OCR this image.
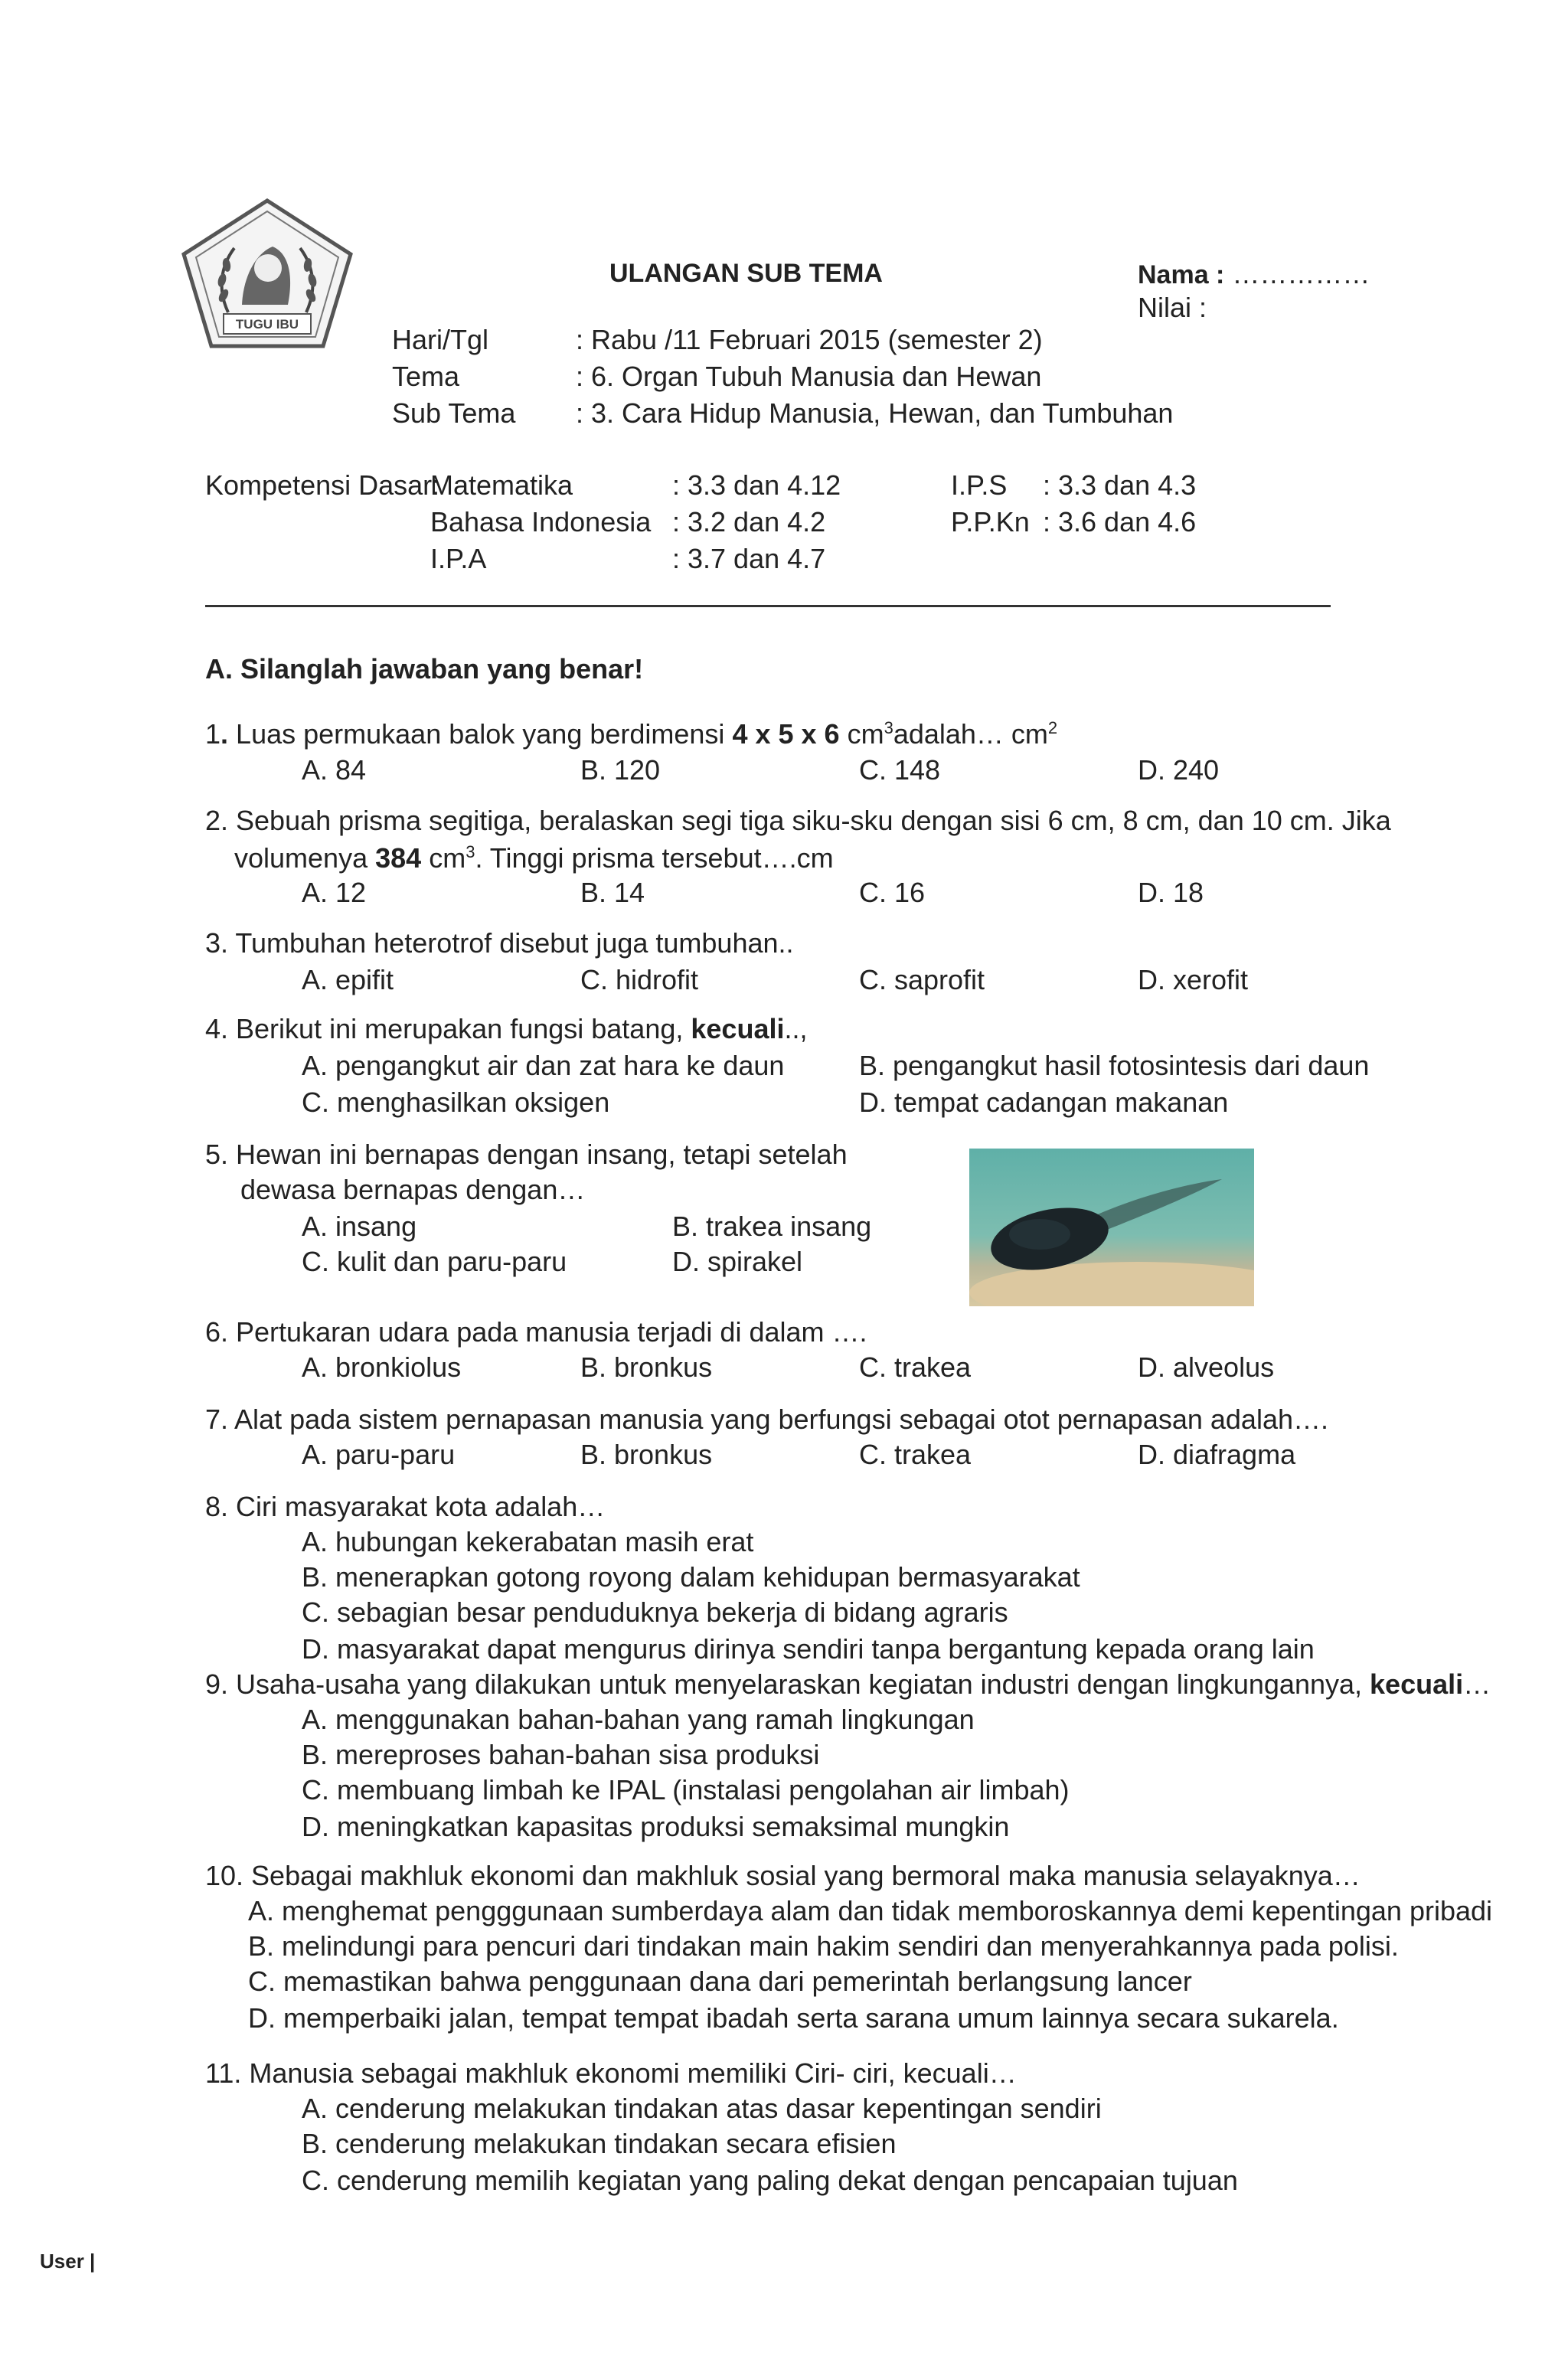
TUGU IBU
ULANGAN SUB TEMA	Nama : ……………
Nilai :
Hari/Tgl	: Rabu /11 Februari 2015 (semester 2)
Tema	: 6. Organ Tubuh Manusia dan Hewan
Sub Tema : 3. Cara Hidup Manusia, Hewan, dan Tumbuhan
Kompetensi Dasar:
Matematika	: 3.3 dan 4.12	I.P.S : 3.3 dan 4.3
Bahasa Indonesia : 3.2 dan 4.2	P.P.Kn : 3.6 dan 4.6
I.P.A	: 3.7 dan 4.7
A. Silanglah jawaban yang benar!
1. Luas permukaan balok yang berdimensi 4 x 5 x 6 $cm^3adalah\dots$ $cm^2$
A. 84	B. 120	C. 148	D. 240
2. Sebuah prisma segitiga, beralaskan segi tiga siku-sku dengan sisi 6 cm, 8 cm, dan 10 cm. Jika
volumenya 384 $cm^3$. Tinggi prisma tersebut….cm
A. 12	B. 14	C. 16	D. 18
3. Tumbuhan heterotrof disebut juga tumbuhan..
A. epifit	C. hidrofit	C. saprofit	D. xerofit
4. Berikut ini merupakan fungsi batang, kecuali..,
A. pengangkut air dan zat hara ke daun	B. pengangkut hasil fotosintesis dari daun
C. menghasilkan oksigen	D. tempat cadangan makanan
5. Hewan ini bernapas dengan insang, tetapi setelah
dewasa bernapas dengan…
A. insang	B. trakea insang
C. kulit dan paru-paru	D. spirakel
6. Pertukaran udara pada manusia terjadi di dalam ….
A. bronkiolus	B. bronkus	C. trakea	D. alveolus
7. Alat pada sistem pernapasan manusia yang berfungsi sebagai otot pernapasan adalah….
A. paru-paru	B. bronkus	C. trakea	D. diafragma
8. Ciri masyarakat kota adalah…
A. hubungan kekerabatan masih erat
B. menerapkan gotong royong dalam kehidupan bermasyarakat
C. sebagian besar penduduknya bekerja di bidang agraris
D. masyarakat dapat mengurus dirinya sendiri tanpa bergantung kepada orang lain
9. Usaha-usaha yang dilakukan untuk menyelaraskan kegiatan industri dengan lingkungannya, kecuali…
A. menggunakan bahan-bahan yang ramah lingkungan
B. mereproses bahan-bahan sisa produksi
C. membuang limbah ke IPAL (instalasi pengolahan air limbah)
D. meningkatkan kapasitas produksi semaksimal mungkin
10. Sebagai makhluk ekonomi dan makhluk sosial yang bermoral maka manusia selayaknya…
A. menghemat pengggunaan sumberdaya alam dan tidak memboroskannya demi kepentingan pribadi
B. melindungi para pencuri dari tindakan main hakim sendiri dan menyerahkannya pada polisi.
C. memastikan bahwa penggunaan dana dari pemerintah berlangsung lancer
D. memperbaiki jalan, tempat tempat ibadah serta sarana umum lainnya secara sukarela.
11. Manusia sebagai makhluk ekonomi memiliki Ciri- ciri, kecuali…
A. cenderung melakukan tindakan atas dasar kepentingan sendiri
B. cenderung melakukan tindakan secara efisien
C. cenderung memilih kegiatan yang paling dekat dengan pencapaian tujuan
User |
